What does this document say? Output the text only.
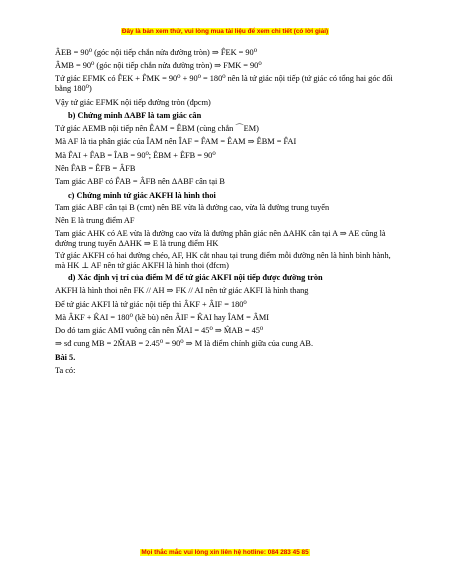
Đây là bản xem thử, vui lòng mua tài liệu để xem chi tiết (có lời giải)
ÂEB = 90⁰ (góc nội tiếp chắn nửa đường tròn) ⇒ F̂EK = 90⁰
ÂMB = 90⁰ (góc nội tiếp chắn nửa đường tròn) ⇒ FMK = 90⁰
Tứ giác EFMK có F̂EK + F̂MK = 90⁰ + 90⁰ = 180⁰ nên là tứ giác nội tiếp (tứ giác có tổng hai góc đối bằng 180⁰)
Vậy tứ giác EFMK nội tiếp đường tròn (đpcm)
b) Chứng minh ΔABF là tam giác cân
Tứ giác AEMB nội tiếp nên ÊAM = ÊBM (cùng chắn ⌒EM)
Mà AF là tia phân giác của ÎAM nên ÎAF = F̂AM = ÊAM ⇒ ÊBM = F̂AI
Mà F̂AI + F̂AB = ÎAB = 90⁰; ÊBM + ÊFB = 90⁰
Nên F̂AB = ÊFB = ÂFB
Tam giác ABF có F̂AB = ÂFB nên ΔABF cân tại B
c) Chứng minh tứ giác AKFH là hình thoi
Tam giác ABF cân tại B (cmt) nên BE vừa là đường cao, vừa là đường trung tuyến
Nên E là trung điểm AF
Tam giác AHK có AE vừa là đường cao vừa là đường phân giác nên ΔAHK cân tại A ⇒ AE cũng là đường trung tuyến ΔAHK ⇒ E là trung điểm HK
Tứ giác AKFH có hai đường chéo, AF, HK cắt nhau tại trung điểm mỗi đường nên là hình bình hành, mà HK ⊥ AF nên tứ giác AKFH là hình thoi (đfcm)
d) Xác định vị trí của điểm M để tứ giác AKFI nội tiếp được đường tròn
AKFH là hình thoi nên FK // AH ⇒ FK // AI nên tứ giác AKFI là hình thang
Để tứ giác AKFI là tứ giác nội tiếp thì ÂKF + ÂIF = 180⁰
Mà ÂKF + K̂AI = 180⁰ (kề bù) nên ÂIF = K̂AI hay ÎAM = ÂMI
Do đó tam giác AMI vuông cân nên M̂AI = 45⁰ ⇒ M̂AB = 45⁰
⇒ sđ cung MB = 2M̂AB = 2.45⁰ = 90⁰ ⇒ M là điểm chính giữa của cung AB.
Bài 5.
Ta có:
Mọi thắc mắc vui lòng xin liên hệ hotline: 084 283 45 85
